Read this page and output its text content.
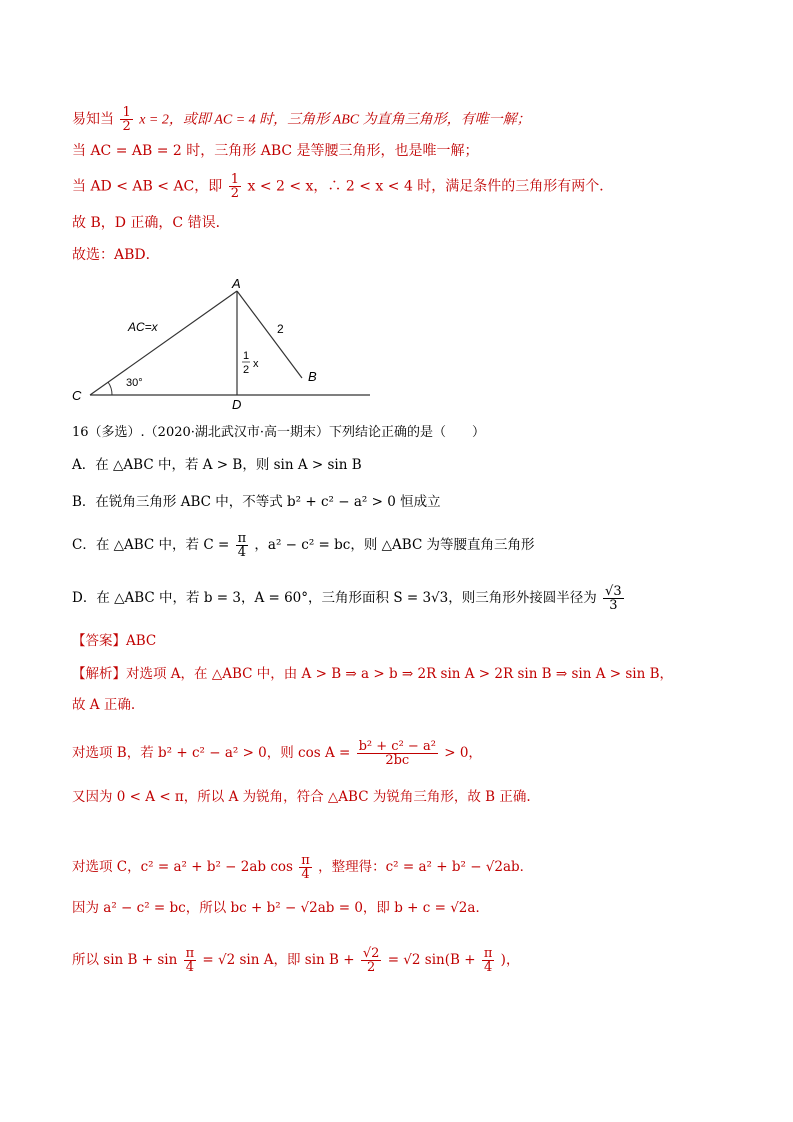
易知当 $\frac{1}{2}$ x = 2，或即 AC = 4 时，三角形 ABC 为直角三角形，有唯一解；
当 AC = AB = 2 时，三角形 ABC 是等腰三角形，也是唯一解；
当 AD < AB < AC，即 $\frac{1}{2}$ x < 2 < x，∴ 2 < x < 4 时，满足条件的三角形有两个．
故 B，D 正确，C 错误．
故选：ABD．
A
B
C
D
AC=x	2
30°
1
2 x
16（多选）.（2020·湖北武汉市·高一期末）下列结论正确的是（　　）
A．在 △ABC 中，若 A > B，则 sin A > sin B
B．在锐角三角形 ABC 中，不等式 b² + c² − a² > 0 恒成立
C．在 △ABC 中，若 $C = \frac{\pi}{4}$ ，a² − c² = bc，则 △ABC 为等腰直角三角形
D．在 △ABC 中，若 b = 3，A = 60°，三角形面积 S = 3√3，则三角形外接圆半径为 $\frac{√3}{3}$
【答案】ABC
【解析】对选项 A，在 △ABC 中，由 A > B ⇒ a > b ⇒ 2R sin A > 2R sin B ⇒ sin A > sin B，
故 A 正确.
对选项 B，若 b² + c² − a² > 0，则 $\cos A = \frac{\text{b² + c² − a²}}{2bc} > 0$，
又因为 0 < A < π，所以 A 为锐角，符合 △ABC 为锐角三角形，故 B 正确.
对选项 C，c² = a² + b² − 2ab $\cos \frac{\pi}{4}$ ，整理得：c² = a² + b² − √2ab．
因为 a² − c² = bc，所以 bc + b² − √2ab = 0，即 b + c = √2a．
所以 $\sin B + \sin \frac{\pi}{4} = √2$ sin A，即 $\sin B + \frac{√2}{2} = √2$ $\sin(B + \frac{\pi}{4}$ )，
